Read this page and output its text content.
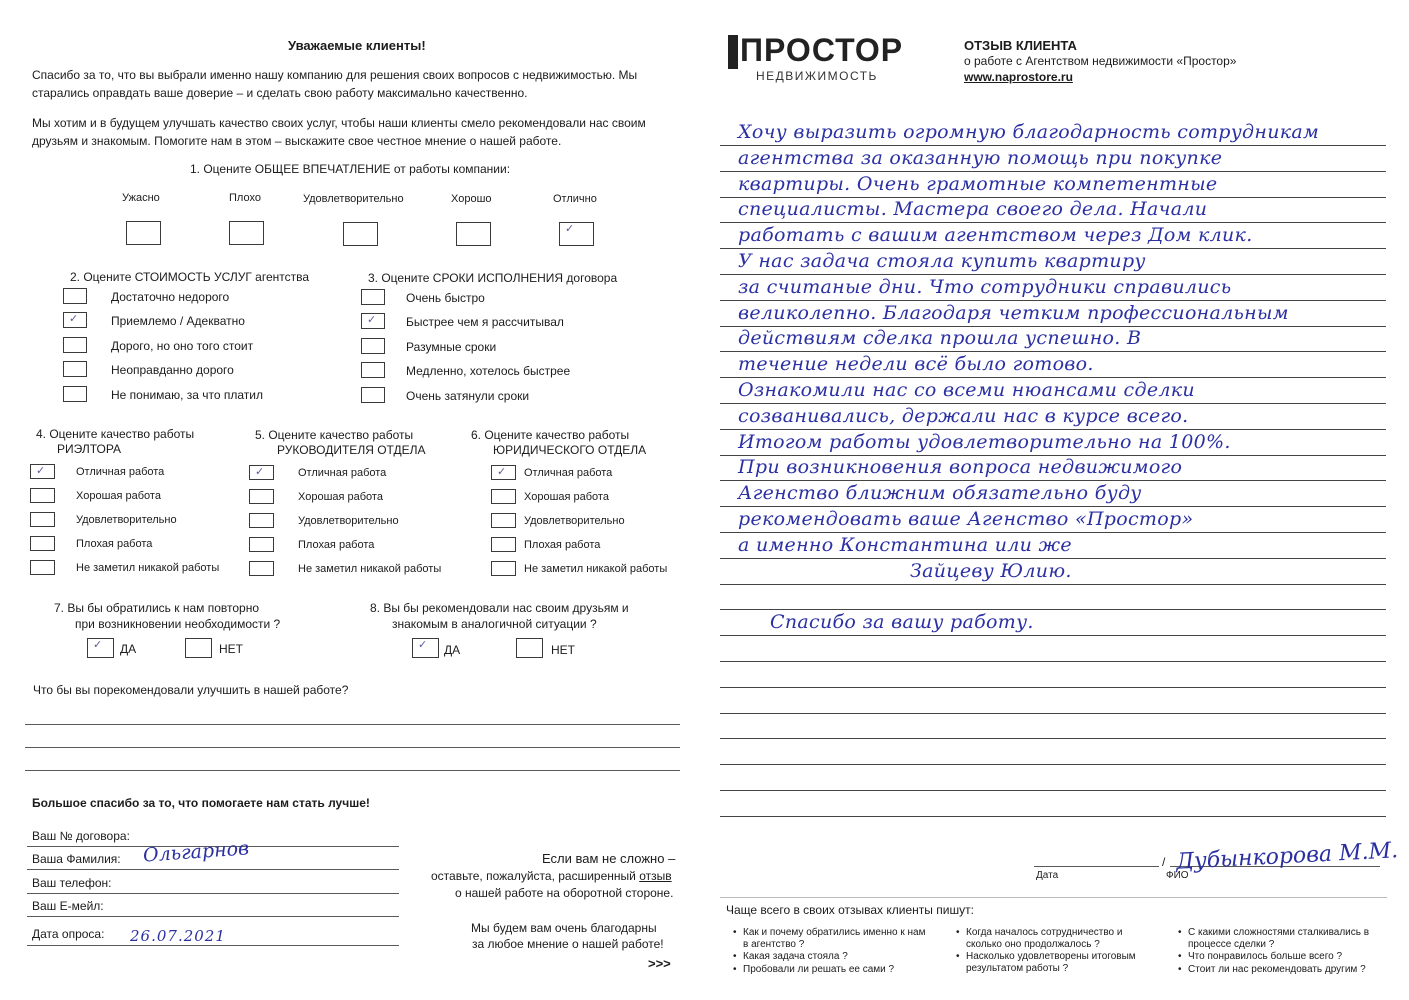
Уважаемые клиенты!
Спасибо за то, что вы выбрали именно нашу компанию для решения своих вопросов с недвижимостью. Мы старались оправдать ваше доверие – и сделать свою работу максимально качественно.
Мы хотим и в будущем улучшать качество своих услуг, чтобы наши клиенты смело рекомендовали нас своим друзьям и знакомым. Помогите нам в этом – выскажите свое честное мнение о нашей работе.
1. Оцените ОБЩЕЕ ВПЕЧАТЛЕНИЕ от работы компании:
Ужасно	Плохо	Удовлетворительно	Хорошо	Отлично
✓
2. Оцените СТОИМОСТЬ УСЛУГ агентства
✓
Достаточно недорого
Приемлемо / Адекватно
Дорого, но оно того стоит
Неоправданно дорого
Не понимаю, за что платил
3. Оцените СРОКИ ИСПОЛНЕНИЯ договора
✓
Очень быстро
Быстрее чем я рассчитывал
Разумные сроки
Медленно, хотелось быстрее
Очень затянули сроки
4. Оцените качество работы
РИЭЛТОРА
✓
Отличная работа
Хорошая работа
Удовлетворительно
Плохая работа
Не заметил никакой работы
5. Оцените качество работы
РУКОВОДИТЕЛЯ ОТДЕЛА
✓
Отличная работа
Хорошая работа
Удовлетворительно
Плохая работа
Не заметил никакой работы
6. Оцените качество работы
ЮРИДИЧЕСКОГО ОТДЕЛА
✓
Отличная работа
Хорошая работа
Удовлетворительно
Плохая работа
Не заметил никакой работы
7. Вы бы обратились к нам повторно
при возникновении необходимости ?
✓
ДА	НЕТ
8. Вы бы рекомендовали нас своим друзьям и
знакомым в аналогичной ситуации ?
✓
ДА	НЕТ
Что бы вы порекомендовали улучшить в нашей работе?
Большое спасибо за то, что помогаете нам стать лучше!
Ваш № договора:
Ваша Фамилия: Ольгарнов
Ваш телефон:
Ваш Е-мейл:
Дата опроса: 26.07.2021
Если вам не сложно –
оставьте, пожалуйста, расширенный отзыв
о нашей работе на оборотной стороне.
Мы будем вам очень благодарны
за любое мнение о нашей работе!
>>>
ПРОСТОР
НЕДВИЖИМОСТЬ
ОТЗЫВ КЛИЕНТА
о работе с Агентством недвижимости «Простор»
www.naprostore.ru
Хочу выразить огромную благодарность сотрудникам
агентства за оказанную помощь при покупке
квартиры. Очень грамотные компетентные
специалисты. Мастера своего дела. Начали
работать с вашим агентством через Дом клик.
У нас задача стояла купить квартиру
за считаные дни. Что сотрудники справились
великолепно. Благодаря четким профессиональным
действиям сделка прошла успешно. В
течение недели всё было готово.
Ознакомили нас со всеми нюансами сделки
созванивались, держали нас в курсе всего.
Итогом работы удовлетворительно на 100%.
При возникновения вопроса недвижимого
Агенство ближним обязательно буду
рекомендовать ваше Агенство «Простор»
а именно Константина или же
Зайцеву Юлию.
Спасибо за вашу работу.
/
Дата	ФИО
Дубынкорова М.М.
Чаще всего в своих отзывах клиенты пишут:
• Как и почему обратились именно к нам в агентство ?
• Какая задача стояла ?
• Пробовали ли решать ее сами ?
• Когда началось сотрудничество и сколько оно продолжалось ?
• Насколько удовлетворены итоговым результатом работы ?
• С какими сложностями сталкивались в процессе сделки ?
• Что понравилось больше всего ?
• Стоит ли нас рекомендовать другим ?
